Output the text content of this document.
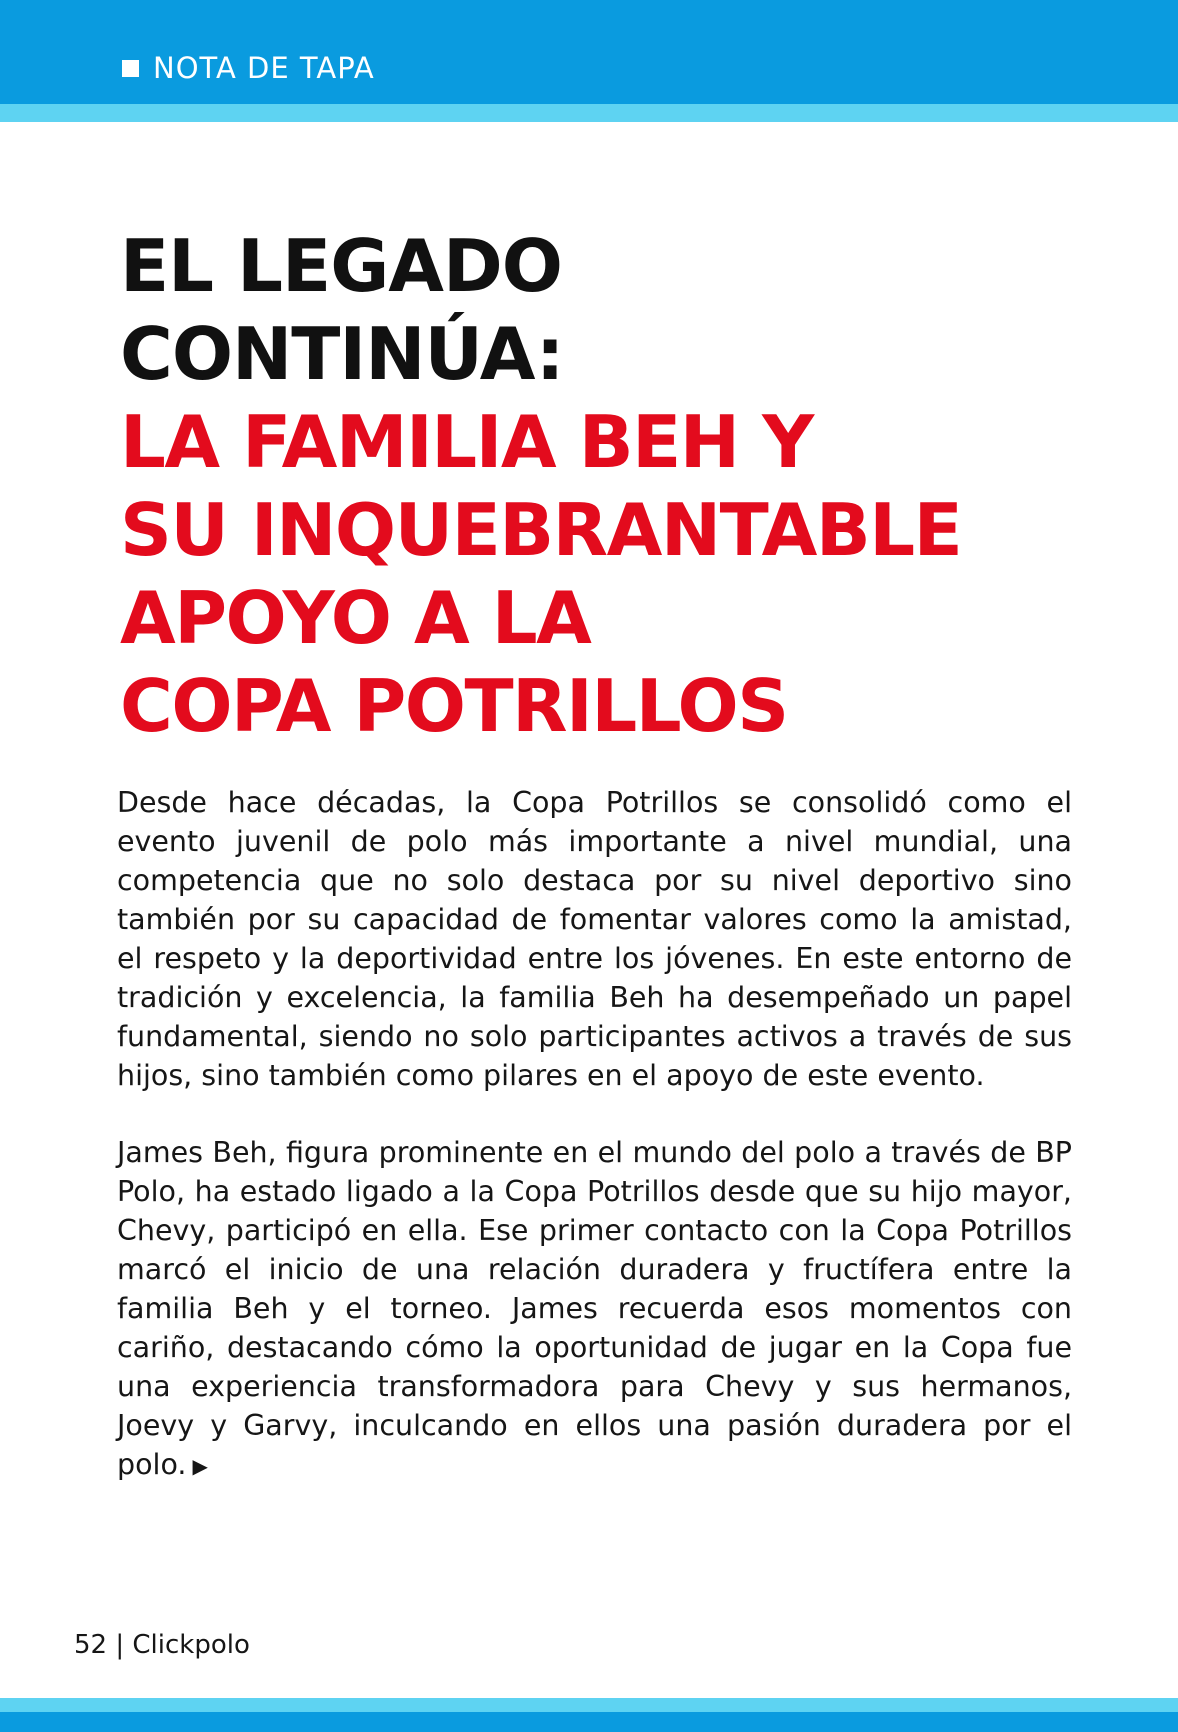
NOTA DE TAPA
EL LEGADO
CONTINÚA:
LA FAMILIA BEH Y
SU INQUEBRANTABLE
APOYO A LA
COPA POTRILLOS

Desde hace décadas, la Copa Potrillos se consolidó como el evento juvenil de polo más importante a nivel mundial, una competencia que no solo destaca por su nivel deportivo sino también por su capacidad de fomentar valores como la amistad, el respeto y la deportividad entre los jóvenes. En este entorno de tradición y excelencia, la familia Beh ha desempeñado un papel fundamental, siendo no solo participantes activos a través de sus hijos, sino también como pilares en el apoyo de este evento.

James Beh, figura prominente en el mundo del polo a través de BP Polo, ha estado ligado a la Copa Potrillos desde que su hijo mayor, Chevy, participó en ella. Ese primer contacto con la Copa Potrillos marcó el inicio de una relación duradera y fructífera entre la familia Beh y el torneo. James recuerda esos momentos con cariño, destacando cómo la oportunidad de jugar en la Copa fue una experiencia transformadora para Chevy y sus hermanos, Joevy y Garvy, inculcando en ellos una pasión duradera por el polo. ▶

52 | Clickpolo
